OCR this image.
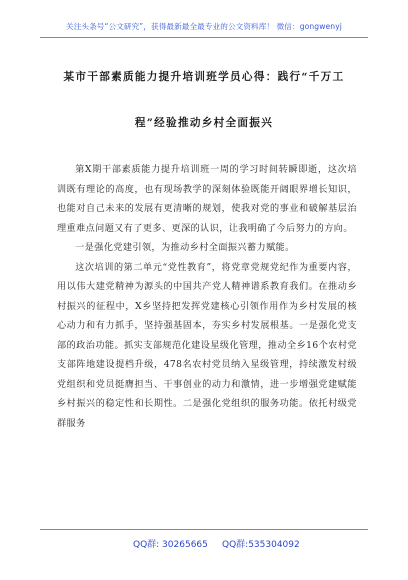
关注头条号“公文研究”，获得最新最全最专业的公文资料库！ 微信：gongwenyj
某市干部素质能力提升培训班学员心得：践行“千万工
程”经验推动乡村全面振兴

第X期干部素质能力提升培训班一周的学习时间转瞬即逝，这次培训既有理论的高度，也有现场教学的深刻体验既能开阔眼界增长知识，也能对自己未来的发展有更清晰的规划，使我对党的事业和破解基层治理重难点问题又有了更多、更深的认识，让我明确了今后努力的方向。

一是强化党建引领，为推动乡村全面振兴蓄力赋能。

这次培训的第二单元“党性教育”，将党章党规党纪作为重要内容，用以伟大建党精神为源头的中国共产党人精神谱系教育我们。在推动乡村振兴的征程中，X乡坚持把发挥党建核心引领作用作为乡村发展的核心动力和有力抓手，坚持强基固本，夯实乡村发展根基。一是强化党支部的政治功能。抓实支部规范化建设星级化管理，推动全乡16个农村党支部阵地建设提档升级，478名农村党员纳入星级管理，持续激发村级党组织和党员挺膺担当、干事创业的动力和激情，进一步增强党建赋能乡村振兴的稳定性和长期性。二是强化党组织的服务功能。依托村级党群服务

QQ群: 30265665 QQ群:535304092
